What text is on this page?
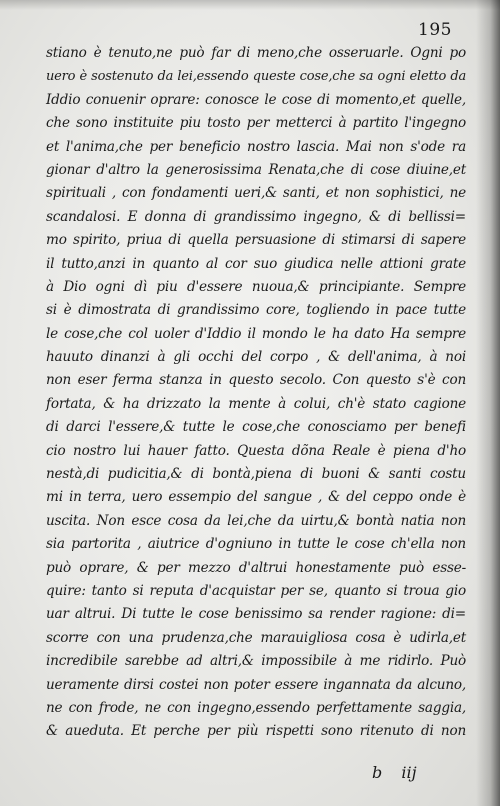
195
stiano è tenuto,ne può far di meno,che osseruarle. Ogni po
uero è sostenuto da lei,essendo queste cose,che sa ogni eletto da
Iddio conuenir oprare: conosce le cose di momento,et quelle,
che sono instituite piu tosto per metterci à partito l'ingegno
et l'anima,che per beneficio nostro lascia. Mai non s'ode ra
gionar d'altro la generosissima Renata,che di cose diuine,et
spirituali , con fondamenti ueri,& santi, et non sophistici, ne
scandalosi. E donna di grandissimo ingegno, & di bellissi=
mo spirito, priua di quella persuasione di stimarsi di sapere
il tutto,anzi in quanto al cor suo giudica nelle attioni grate
à Dio ogni dì piu d'essere nuoua,& principiante. Sempre
si è dimostrata di grandissimo core, togliendo in pace tutte
le cose,che col uoler d'Iddio il mondo le ha dato Ha sempre
hauuto dinanzi à gli occhi del corpo , & dell'anima, à noi
non eser ferma stanza in questo secolo. Con questo s'è con
fortata, & ha drizzato la mente à colui, ch'è stato cagione
di darci l'essere,& tutte le cose,che conosciamo per benefi
cio nostro lui hauer fatto. Questa dõna Reale è piena d'ho
nestà,di pudicitia,& di bontà,piena di buoni & santi costu
mi in terra, uero essempio del sangue , & del ceppo onde è
uscita. Non esce cosa da lei,che da uirtu,& bontà natia non
sia partorita , aiutrice d'ogniuno in tutte le cose ch'ella non
può oprare, & per mezzo d'altrui honestamente può esse-
quire: tanto si reputa d'acquistar per se, quanto si troua gio
uar altrui. Di tutte le cose benissimo sa render ragione: di=
scorre con una prudenza,che marauigliosa cosa è udirla,et
incredibile sarebbe ad altri,& impossibile à me ridirlo. Può
ueramente dirsi costei non poter essere ingannata da alcuno,
ne con frode, ne con ingegno,essendo perfettamente saggia,
& aueduta. Et perche per più rispetti sono ritenuto di non
b iij
